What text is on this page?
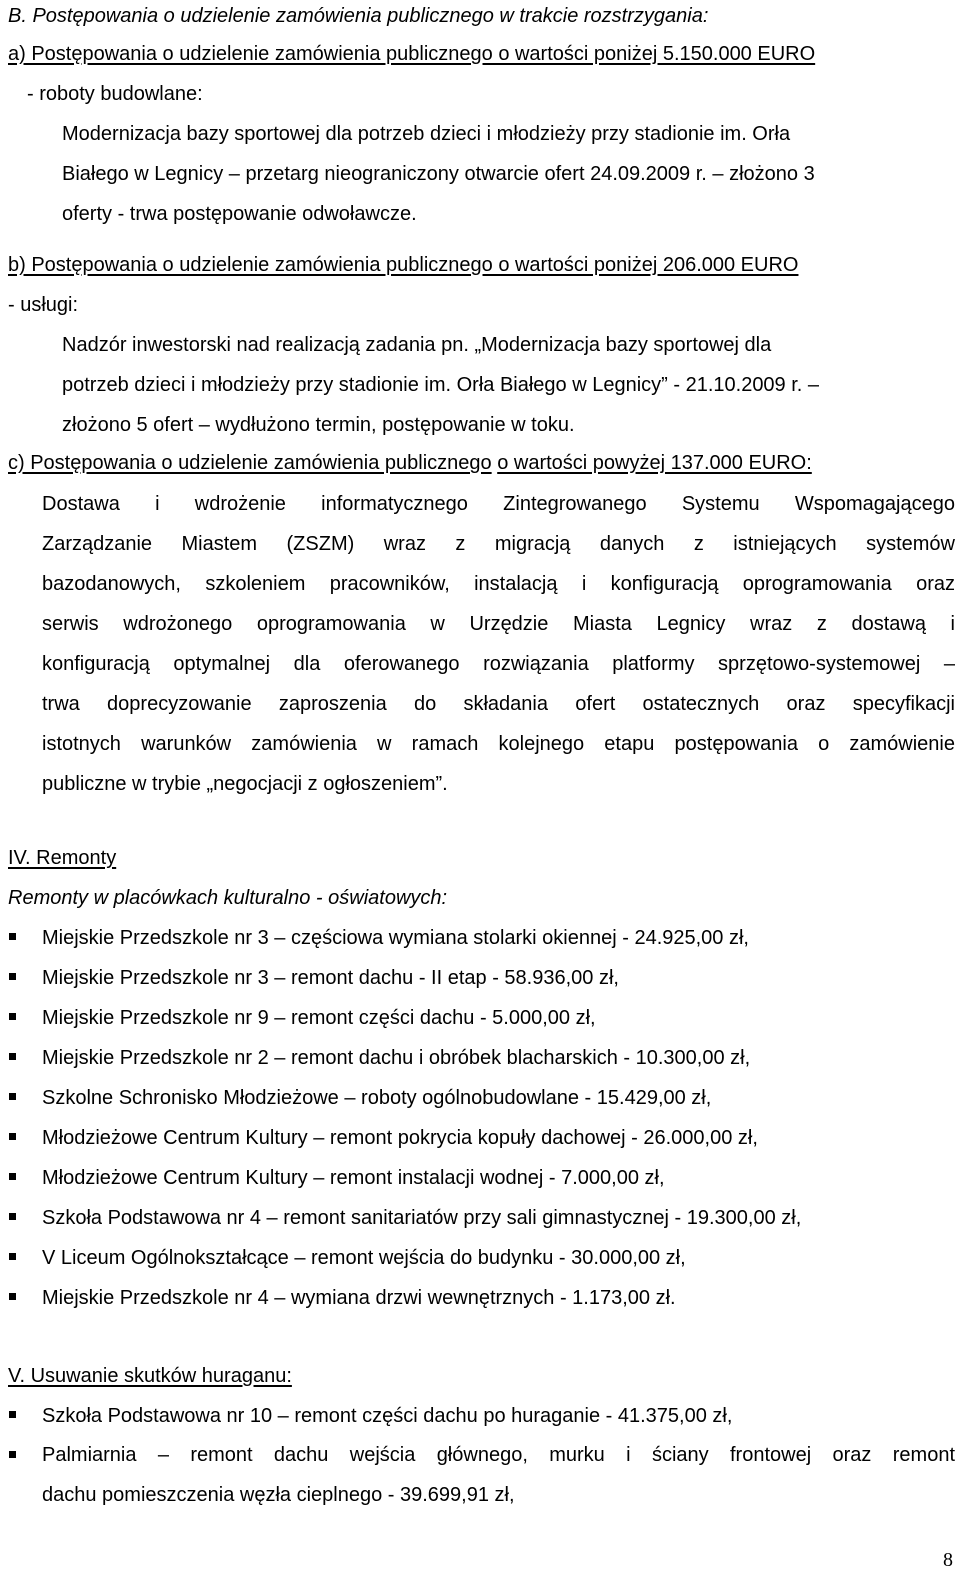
B. Postępowania o udzielenie zamówienia publicznego w trakcie rozstrzygania:
a) Postępowania o udzielenie zamówienia publicznego o wartości poniżej 5.150.000 EURO
- roboty budowlane:
Modernizacja bazy sportowej dla potrzeb dzieci i młodzieży przy stadionie im. Orła
Białego w Legnicy – przetarg nieograniczony otwarcie ofert 24.09.2009 r. – złożono 3
oferty - trwa postępowanie odwoławcze.
b) Postępowania o udzielenie zamówienia publicznego o wartości poniżej 206.000 EURO
- usługi:
Nadzór inwestorski nad realizacją zadania pn. „Modernizacja bazy sportowej dla
potrzeb dzieci i młodzieży przy stadionie im. Orła Białego w Legnicy” - 21.10.2009 r. –
złożono 5 ofert – wydłużono termin, postępowanie w toku.
c) Postępowania o udzielenie zamówienia publicznego o wartości powyżej 137.000 EURO:
Dostawa i wdrożenie informatycznego Zintegrowanego Systemu Wspomagającego
Zarządzanie Miastem (ZSZM) wraz z migracją danych z istniejących systemów
bazodanowych, szkoleniem pracowników, instalacją i konfiguracją oprogramowania oraz
serwis wdrożonego oprogramowania w Urzędzie Miasta Legnicy wraz z dostawą i
konfiguracją optymalnej dla oferowanego rozwiązania platformy sprzętowo-systemowej –
trwa doprecyzowanie zaproszenia do składania ofert ostatecznych oraz specyfikacji
istotnych warunków zamówienia w ramach kolejnego etapu postępowania o zamówienie
publiczne w trybie „negocjacji z ogłoszeniem”.
IV. Remonty
Remonty w placówkach kulturalno - oświatowych:
Miejskie Przedszkole nr 3 – częściowa wymiana stolarki okiennej - 24.925,00 zł,
Miejskie Przedszkole nr 3 – remont dachu - II etap - 58.936,00 zł,
Miejskie Przedszkole nr 9 – remont części dachu - 5.000,00 zł,
Miejskie Przedszkole nr 2 – remont dachu i obróbek blacharskich - 10.300,00 zł,
Szkolne Schronisko Młodzieżowe – roboty ogólnobudowlane - 15.429,00 zł,
Młodzieżowe Centrum Kultury – remont pokrycia kopuły dachowej - 26.000,00 zł,
Młodzieżowe Centrum Kultury – remont instalacji wodnej - 7.000,00 zł,
Szkoła Podstawowa nr 4 – remont sanitariatów przy sali gimnastycznej - 19.300,00 zł,
V Liceum Ogólnokształcące – remont wejścia do budynku - 30.000,00 zł,
Miejskie Przedszkole nr 4 – wymiana drzwi wewnętrznych - 1.173,00 zł.
V. Usuwanie skutków huraganu:
Szkoła Podstawowa nr 10 – remont części dachu po huraganie - 41.375,00 zł,
Palmiarnia – remont dachu wejścia głównego, murku i ściany frontowej oraz remont
dachu pomieszczenia węzła cieplnego - 39.699,91 zł,
8
